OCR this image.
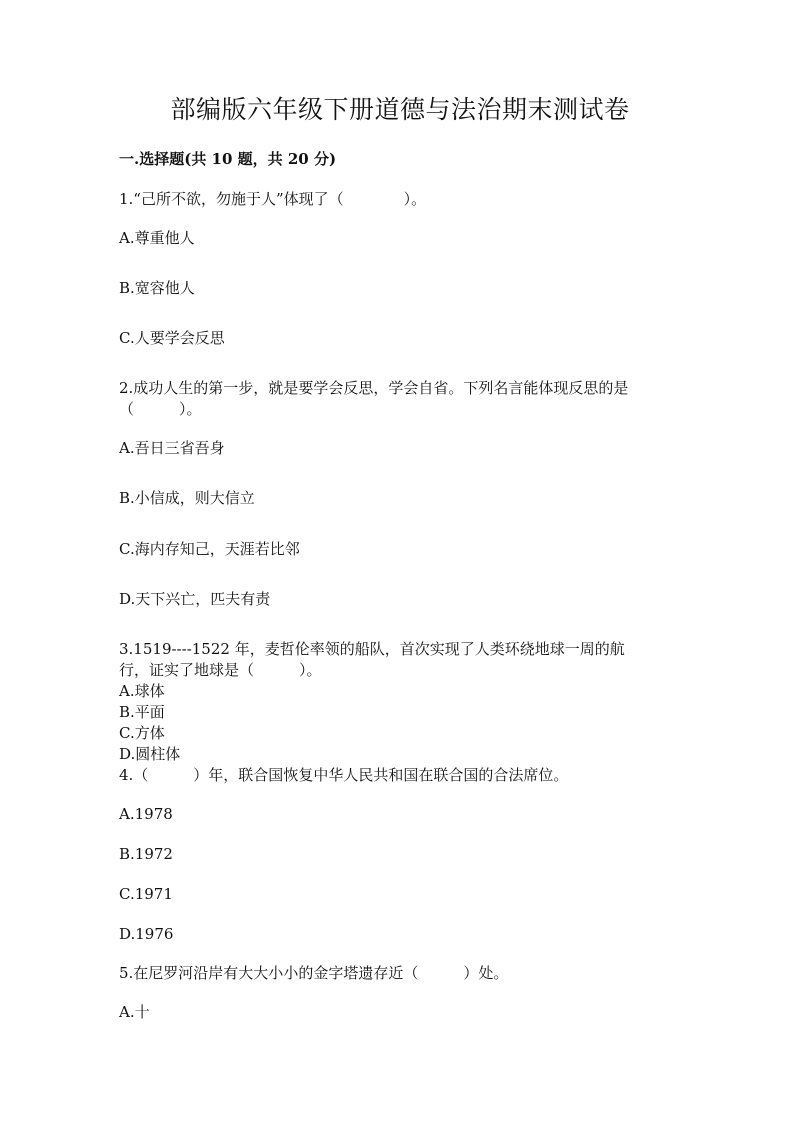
部编版六年级下册道德与法治期末测试卷
一.选择题(共 10 题，共 20 分)
1.“己所不欲，勿施于人”体现了（　　　　）。
A.尊重他人
B.宽容他人
C.人要学会反思
2.成功人生的第一步，就是要学会反思，学会自省。下列名言能体现反思的是
（　　　）。
A.吾日三省吾身
B.小信成，则大信立
C.海内存知己，天涯若比邻
D.天下兴亡，匹夫有责
3.1519----1522 年，麦哲伦率领的船队，首次实现了人类环绕地球一周的航
行，证实了地球是（　　　）。
A.球体
B.平面
C.方体
D.圆柱体
4.（　　　）年，联合国恢复中华人民共和国在联合国的合法席位。
A.1978
B.1972
C.1971
D.1976
5.在尼罗河沿岸有大大小小的金字塔遗存近（　　　）处。
A.十
